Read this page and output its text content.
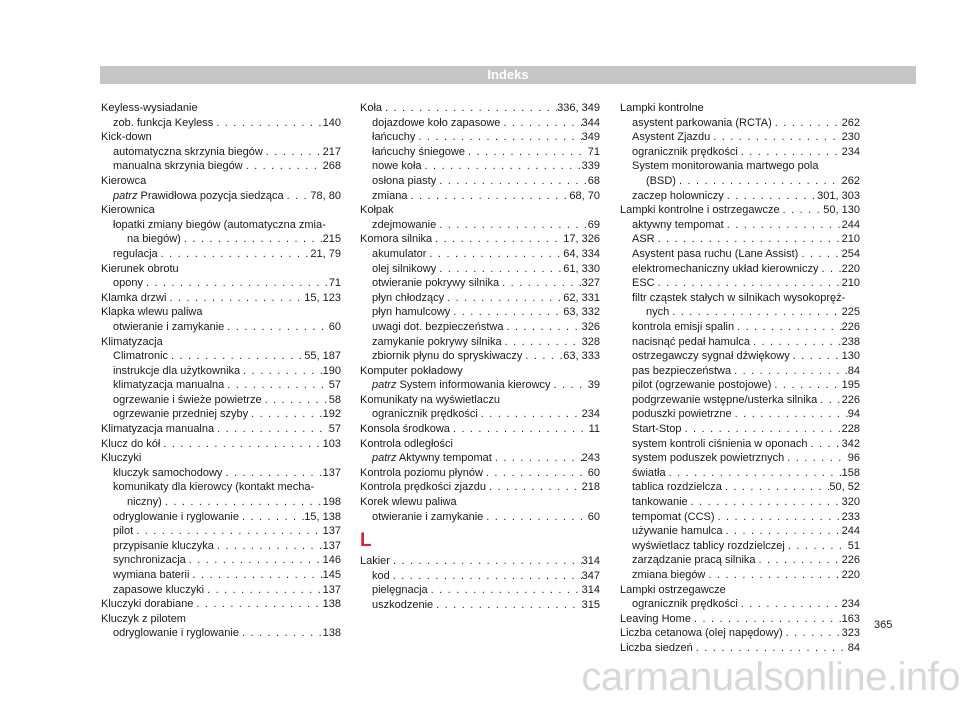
Indeks
Keyless-wysiadanie
zob. funkcja Keyless . . .	140
Kick-down
automatyczna skrzynia biegów . . .	217
manualna skrzynia biegów . . .	268
Kierowca
patrz Prawidłowa pozycja siedząca . . . 78, 80
Kierownica
łopatki zmiany biegów (automatyczna zmia-
na biegów) . . .	215
regulacja . . .	21, 79
Kierunek obrotu
opony . . .	71
Klamka drzwi . . .	15, 123
Klapka wlewu paliwa
otwieranie i zamykanie . . .	60
Klimatyzacja
Climatronic . . .	55, 187
instrukcje dla użytkownika . . .	190
klimatyzacja manualna . . .	57
ogrzewanie i świeże powietrze . . .	58
ogrzewanie przedniej szyby . . .	192
Klimatyzacja manualna . . .	57
Klucz do kół . . .	103
Kluczyki
kluczyk samochodowy . . .	137
komunikaty dla kierowcy (kontakt mecha-
niczny) . . .	198
odryglowanie i ryglowanie . . .	15, 138
pilot . . .	137
przypisanie kluczyka . . .	137
synchronizacja . . .	146
wymiana baterii . . .	145
zapasowe kluczyki . . .	137
Kluczyki dorabiane . . .	138
Kluczyk z pilotem
odryglowanie i ryglowanie . . .	138
Koła . . .	336, 349
dojazdowe koło zapasowe . . .	344
łańcuchy . . .	349
łańcuchy śniegowe . . .	71
nowe koła . . .	339
osłona piasty . . .	68
zmiana . . .	68, 70
Kołpak
zdejmowanie . . .	69
Komora silnika . . .	17, 326
akumulator . . .	64, 334
olej silnikowy . . .	61, 330
otwieranie pokrywy silnika . . .	327
płyn chłodzący . . .	62, 331
płyn hamulcowy . . .	63, 332
uwagi dot. bezpieczeństwa . . .	326
zamykanie pokrywy silnika . . .	328
zbiornik płynu do spryskiwaczy . . .	63, 333
Komputer pokładowy
patrz System informowania kierowcy . . .	39
Komunikaty na wyświetlaczu
ogranicznik prędkości . . .	234
Konsola środkowa . . .	11
Kontrola odległości
patrz Aktywny tempomat . . .	243
Kontrola poziomu płynów . . .	60
Kontrola prędkości zjazdu . . .	218
Korek wlewu paliwa
otwieranie i zamykanie . . .	60
L
Lakier . . .	314
kod . . .	347
pielęgnacja . . .	314
uszkodzenie . . .	315
Lampki kontrolne
asystent parkowania (RCTA) . . .	262
Asystent Zjazdu . . .	230
ogranicznik prędkości . . .	234
System monitorowania martwego pola
(BSD) . . .	262
zaczep holowniczy . . .	301, 303
Lampki kontrolne i ostrzegawcze . . .	50, 130
aktywny tempomat . . .	244
ASR . . .	210
Asystent pasa ruchu (Lane Assist) . . .	254
elektromechaniczny układ kierowniczy . . . 220
ESC . . .	210
filtr cząstek stałych w silnikach wysokopręż-
nych . . .	225
kontrola emisji spalin . . .	226
nacisnąć pedał hamulca . . .	238
ostrzegawczy sygnał dźwiękowy . . .	130
pas bezpieczeństwa . . .	84
pilot (ogrzewanie postojowe) . . .	195
podgrzewanie wstępne/usterka silnika . . . 226
poduszki powietrzne . . .	94
Start-Stop . . .	228
system kontroli ciśnienia w oponach . . .	342
system poduszek powietrznych . . .	96
światła . . .	158
tablica rozdzielcza . . .	50, 52
tankowanie . . .	320
tempomat (CCS) . . .	233
używanie hamulca . . .	244
wyświetlacz tablicy rozdzielczej . . .	51
zarządzanie pracą silnika . . .	226
zmiana biegów . . .	220
Lampki ostrzegawcze
ogranicznik prędkości . . .	234
Leaving Home . . .	163
Liczba cetanowa (olej napędowy) . . .	323
Liczba siedzeń . . .	84
365
carmanualsonline.info
